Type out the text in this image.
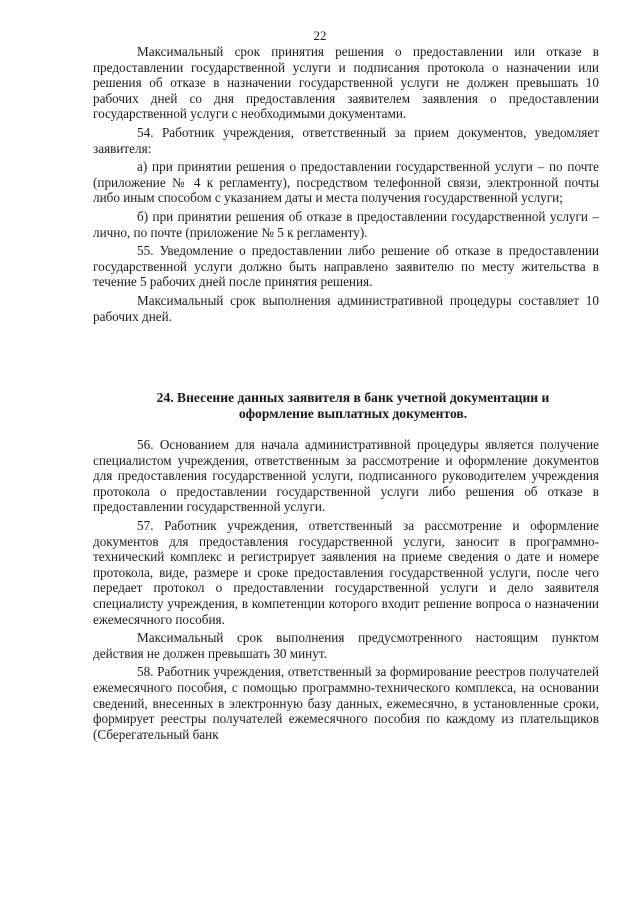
22

Максимальный срок принятия решения о предоставлении или отказе в предоставлении государственной услуги и подписания протокола о назначении или решения об отказе в назначении государственной услуги не должен превышать 10 рабочих дней со дня предоставления заявителем заявления о предоставлении государственной услуги с необходимыми документами.

54. Работник учреждения, ответственный за прием документов, уведомляет заявителя:

а) при принятии решения о предоставлении государственной услуги – по почте (приложение № 4 к регламенту), посредством телефонной связи, электронной почты либо иным способом с указанием даты и места получения государственной услуги;

б) при принятии решения об отказе в предоставлении государственной услуги – лично, по почте (приложение № 5 к регламенту).

55. Уведомление о предоставлении либо решение об отказе в предоставлении государственной услуги должно быть направлено заявителю по месту жительства в течение 5 рабочих дней после принятия решения.

Максимальный срок выполнения административной процедуры составляет 10 рабочих дней.

24. Внесение данных заявителя в банк учетной документации и оформление выплатных документов.

56. Основанием для начала административной процедуры является получение специалистом учреждения, ответственным за рассмотрение и оформление документов для предоставления государственной услуги, подписанного руководителем учреждения протокола о предоставлении государственной услуги либо решения об отказе в предоставлении государственной услуги.

57. Работник учреждения, ответственный за рассмотрение и оформление документов для предоставления государственной услуги, заносит в программно-технический комплекс и регистрирует заявления на приеме сведения о дате и номере протокола, виде, размере и сроке предоставления государственной услуги, после чего передает протокол о предоставлении государственной услуги и дело заявителя специалисту учреждения, в компетенции которого входит решение вопроса о назначении ежемесячного пособия.

Максимальный срок выполнения предусмотренного настоящим пунктом действия не должен превышать 30 минут.

58. Работник учреждения, ответственный за формирование реестров получателей ежемесячного пособия, с помощью программно-технического комплекса, на основании сведений, внесенных в электронную базу данных, ежемесячно, в установленные сроки, формирует реестры получателей ежемесячного пособия по каждому из плательщиков (Сберегательный банк
